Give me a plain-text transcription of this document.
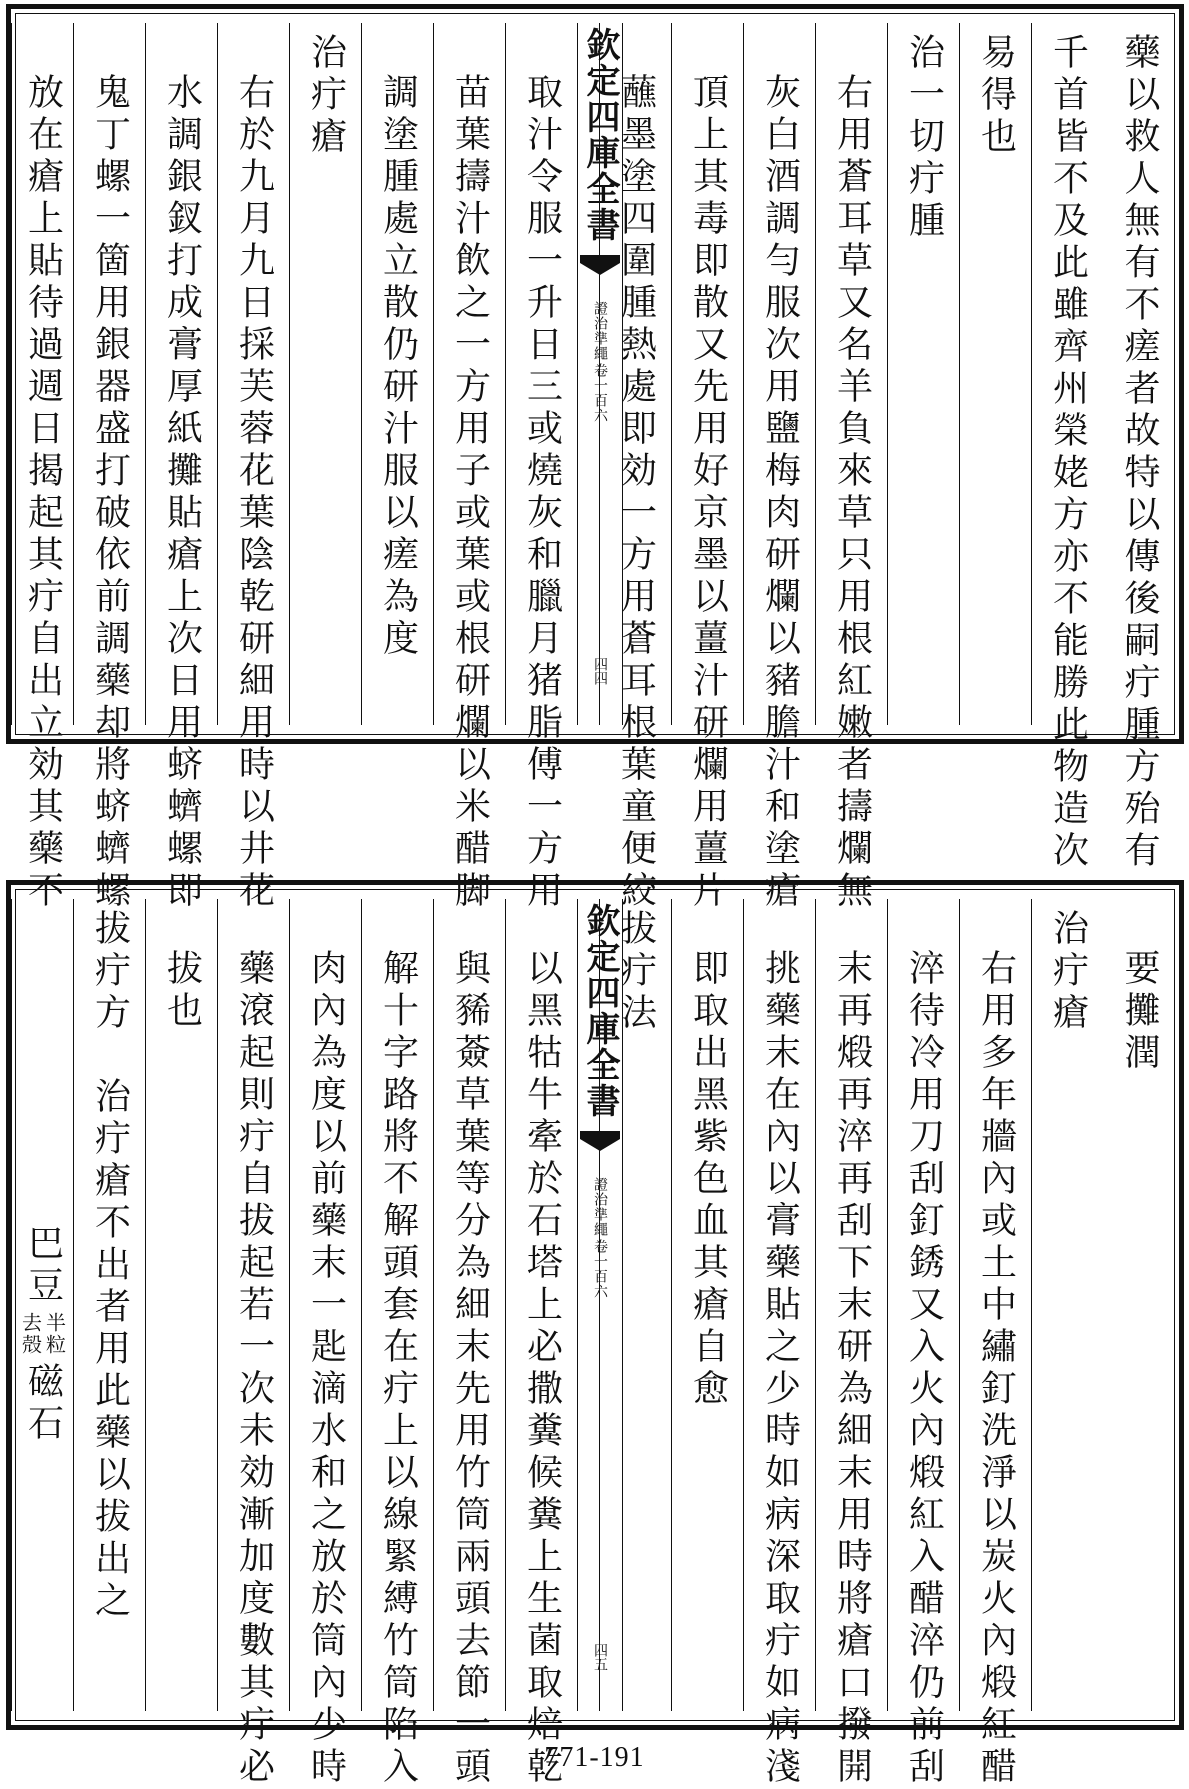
藥以救人無有不瘥者故特以傳後嗣疔腫方殆有
千首皆不及此雖齊州榮姥方亦不能勝此物造次
易得也
治一切疔腫
右用蒼耳草又名羊負來草只用根紅嫩者擣爛無
灰白酒調勻服次用鹽梅肉研爛以豬膽汁和塗瘡
頂上其毒即散又先用好京墨以薑汁研爛用薑片
蘸墨塗四圍腫熱處即効一方用蒼耳根葉童便絞
欽定四庫全書
證治準繩
卷一百六
四四
取汁令服一升日三或燒灰和臘月猪脂傅一方用
苗葉擣汁飲之一方用子或葉或根研爛以米醋脚
調塗腫處立散仍研汁服以瘥為度
治疔瘡
右於九月九日採芙蓉花葉陰乾研細用時以井花
水調銀釵打成膏厚紙攤貼瘡上次日用蛴蠐螺即
鬼丁螺一箇用銀器盛打破依前調藥却將蛴蠐螺
放在瘡上貼待過週日揭起其疔自出立効其藥不
要攤潤
治疔瘡
右用多年牆內或土中繡釘洗淨以炭火內煅紅醋
淬待冷用刀刮釘銹又入火內煅紅入醋淬仍前刮
末再煅再淬再刮下末研為細末用時將瘡口撥開
挑藥末在內以膏藥貼之少時如病深取疔如病淺
即取出黑紫色血其瘡自愈
拔疔法
欽定四庫全書
證治準繩
卷一百六
四五
以黑牯牛牽於石塔上必撒糞候糞上生菌取焙乾
與豨薟草葉等分為細末先用竹筒兩頭去節一頭
解十字路將不解頭套在疔上以線緊縛竹筒陷入
肉內為度以前藥末一匙滴水和之放於筒內少時
藥滾起則疔自拔起若一次未効漸加度數其疔必
拔也
拔疔方　治疔瘡不出者用此藥以拔出之
巴豆
半粒
去殻
磁石
771-191
